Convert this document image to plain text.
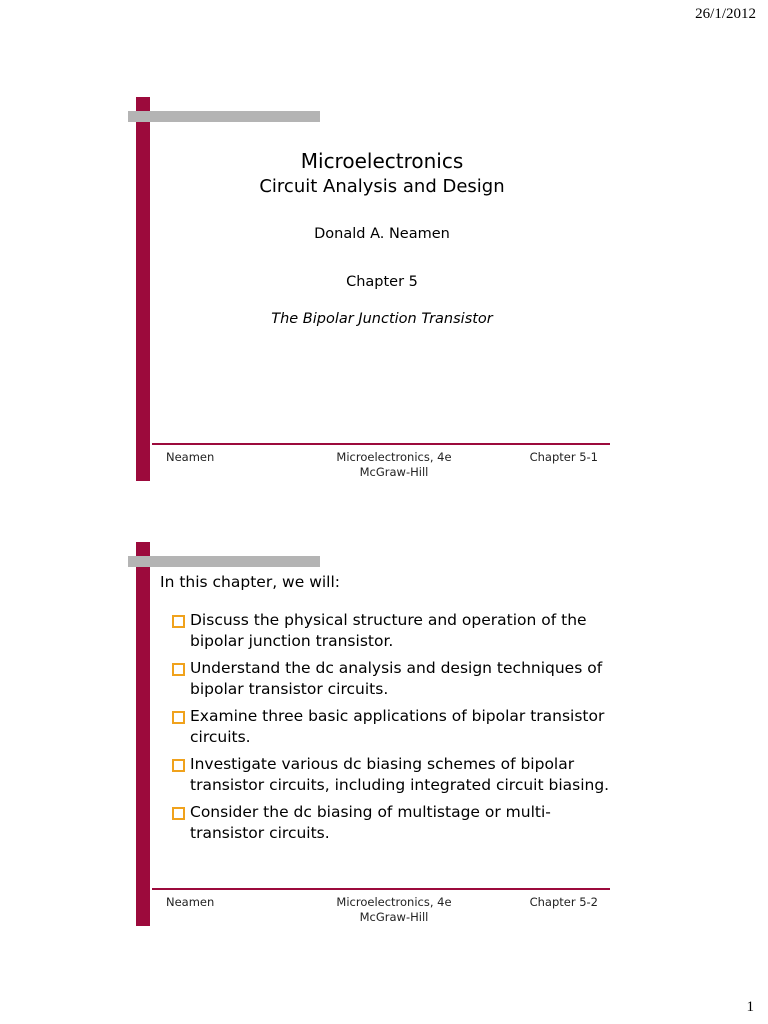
26/1/2012
Microelectronics
Circuit Analysis and Design
Donald A. Neamen
Chapter 5
The Bipolar Junction Transistor
Neamen	Microelectronics, 4e
McGraw-Hill
Chapter 5-1
In this chapter, we will:
Discuss the physical structure and operation of the bipolar junction transistor.
Understand the dc analysis and design techniques of bipolar transistor circuits.
Examine three basic applications of bipolar transistor circuits.
Investigate various dc biasing schemes of bipolar transistor circuits, including integrated circuit biasing.
Consider the dc biasing of multistage or multi-transistor circuits.
Neamen	Microelectronics, 4e
McGraw-Hill
Chapter 5-2
1
